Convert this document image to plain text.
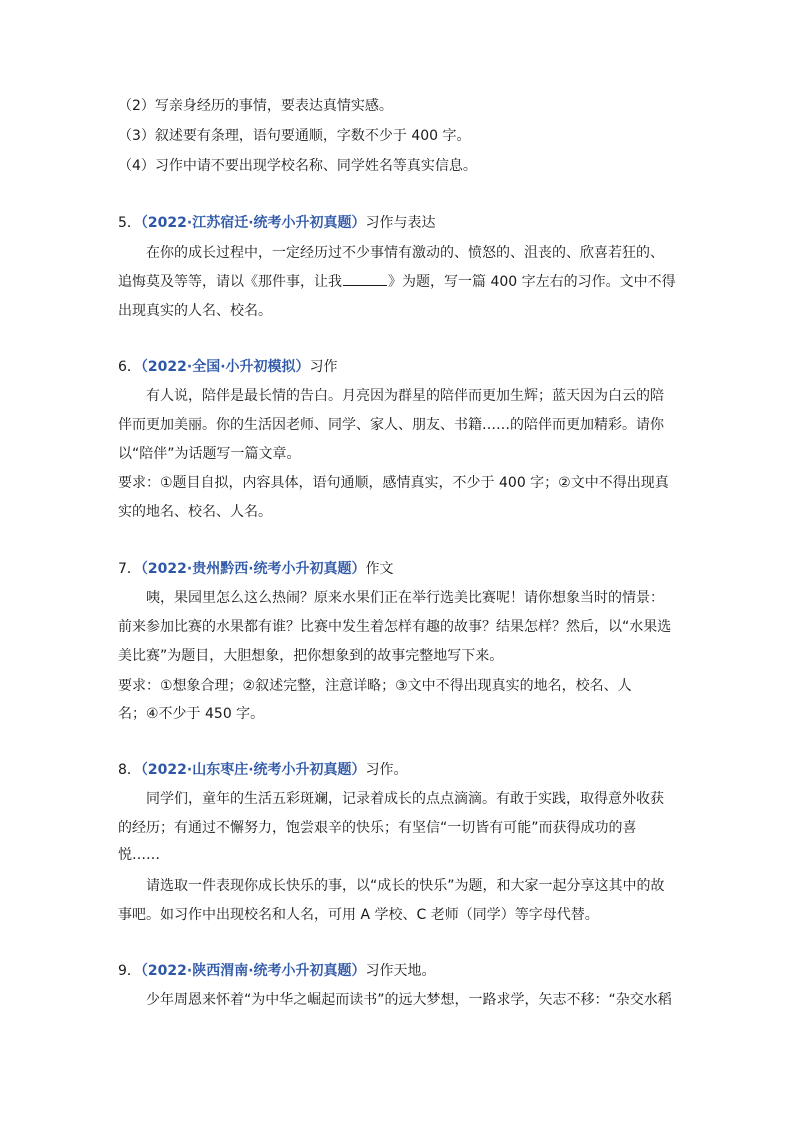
（2）写亲身经历的事情，要表达真情实感。
（3）叙述要有条理，语句要通顺，字数不少于 400 字。
（4）习作中请不要出现学校名称、同学姓名等真实信息。
5．（2022·江苏宿迁·统考小升初真题）习作与表达
在你的成长过程中，一定经历过不少事情有激动的、愤怒的、沮丧的、欣喜若狂的、
追悔莫及等等，请以《那件事，让我	》为题，写一篇 400 字左右的习作。文中不得
出现真实的人名、校名。
6．（2022·全国·小升初模拟）习作
有人说，陪伴是最长情的告白。月亮因为群星的陪伴而更加生辉；蓝天因为白云的陪
伴而更加美丽。你的生活因老师、同学、家人、朋友、书籍……的陪伴而更加精彩。请你
以“陪伴”为话题写一篇文章。
要求：①题目自拟，内容具体，语句通顺，感情真实，不少于 400 字；②文中不得出现真
实的地名、校名、人名。
7．（2022·贵州黔西·统考小升初真题）作文
咦，果园里怎么这么热闹？原来水果们正在举行选美比赛呢！请你想象当时的情景：
前来参加比赛的水果都有谁？比赛中发生着怎样有趣的故事？结果怎样？然后，以“水果选
美比赛”为题目，大胆想象，把你想象到的故事完整地写下来。
要求：①想象合理；②叙述完整，注意详略；③文中不得出现真实的地名，校名、人
名；④不少于 450 字。
8．（2022·山东枣庄·统考小升初真题）习作。
同学们，童年的生活五彩斑斓，记录着成长的点点滴滴。有敢于实践，取得意外收获
的经历；有通过不懈努力，饱尝艰辛的快乐；有坚信“一切皆有可能”而获得成功的喜
悦……
请选取一件表现你成长快乐的事，以“成长的快乐”为题，和大家一起分享这其中的故
事吧。如习作中出现校名和人名，可用 A 学校、C 老师（同学）等字母代替。
9．（2022·陕西渭南·统考小升初真题）习作天地。
少年周恩来怀着“为中华之崛起而读书”的远大梦想，一路求学，矢志不移：“杂交水稻
